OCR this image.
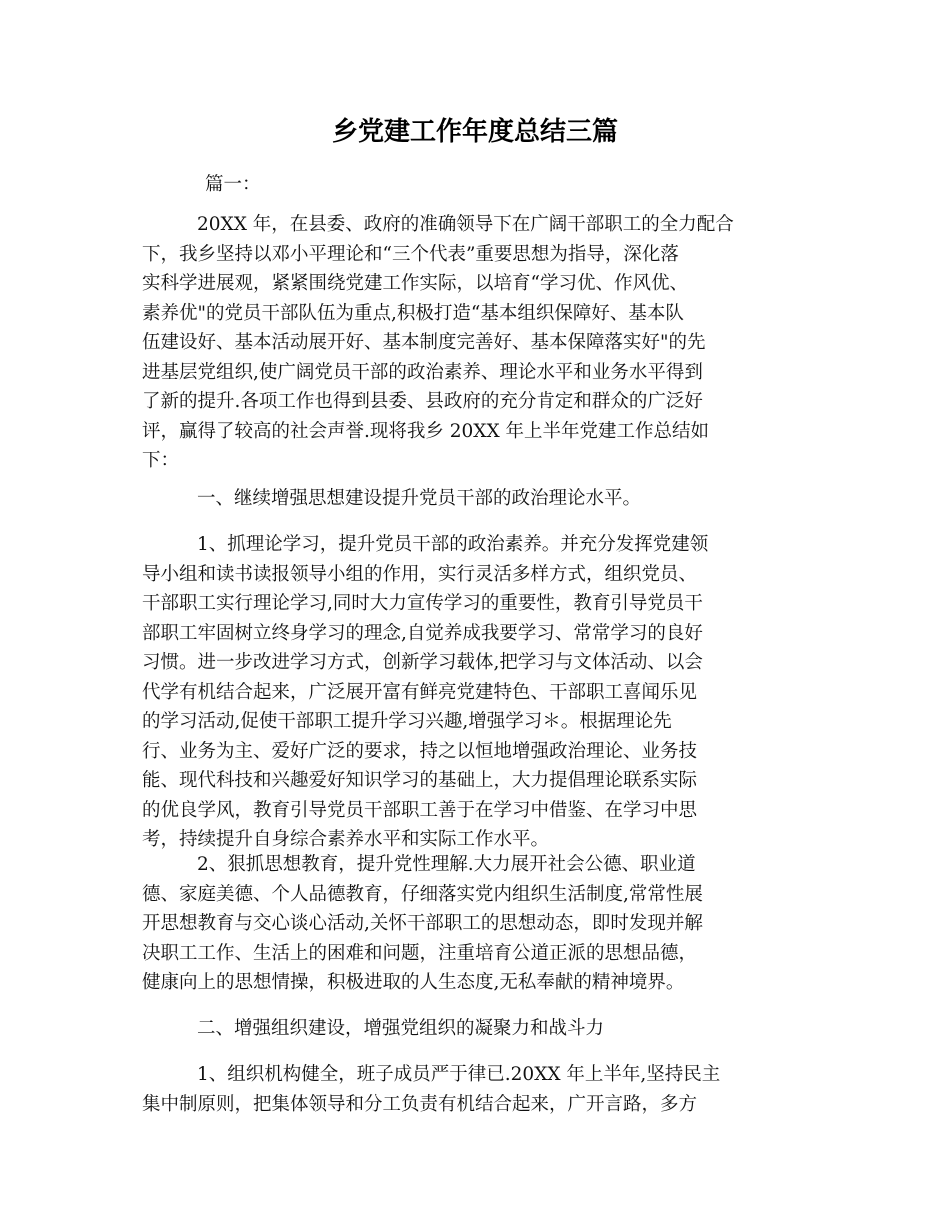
乡党建工作年度总结三篇

篇一：

20XX 年，在县委、政府的准确领导下在广阔干部职工的全力配合
下，我乡坚持以邓小平理论和“三个代表”重要思想为指导，深化落
实科学进展观，紧紧围绕党建工作实际，以培育“学习优、作风优、
素养优"的党员干部队伍为重点,积极打造“基本组织保障好、基本队
伍建设好、基本活动展开好、基本制度完善好、基本保障落实好"的先
进基层党组织,使广阔党员干部的政治素养、理论水平和业务水平得到
了新的提升.各项工作也得到县委、县政府的充分肯定和群众的广泛好
评，赢得了较高的社会声誉.现将我乡 20XX 年上半年党建工作总结如
下：

一、继续增强思想建设提升党员干部的政治理论水平。

1、抓理论学习，提升党员干部的政治素养。并充分发挥党建领
导小组和读书读报领导小组的作用，实行灵活多样方式，组织党员、
干部职工实行理论学习,同时大力宣传学习的重要性，教育引导党员干
部职工牢固树立终身学习的理念,自觉养成我要学习、常常学习的良好
习惯。进一步改进学习方式，创新学习载体,把学习与文体活动、以会
代学有机结合起来，广泛展开富有鲜亮党建特色、干部职工喜闻乐见
的学习活动,促使干部职工提升学习兴趣,增强学习＊。根据理论先
行、业务为主、爱好广泛的要求，持之以恒地增强政治理论、业务技
能、现代科技和兴趣爱好知识学习的基础上，大力提倡理论联系实际
的优良学风，教育引导党员干部职工善于在学习中借鉴、在学习中思
考，持续提升自身综合素养水平和实际工作水平。

2、狠抓思想教育，提升党性理解.大力展开社会公德、职业道
德、家庭美德、个人品德教育，仔细落实党内组织生活制度,常常性展
开思想教育与交心谈心活动,关怀干部职工的思想动态，即时发现并解
决职工工作、生活上的困难和问题，注重培育公道正派的思想品德，
健康向上的思想情操，积极进取的人生态度,无私奉献的精神境界。

二、增强组织建设，增强党组织的凝聚力和战斗力

1、组织机构健全，班子成员严于律已.20XX 年上半年,坚持民主
集中制原则，把集体领导和分工负责有机结合起来，广开言路，多方
